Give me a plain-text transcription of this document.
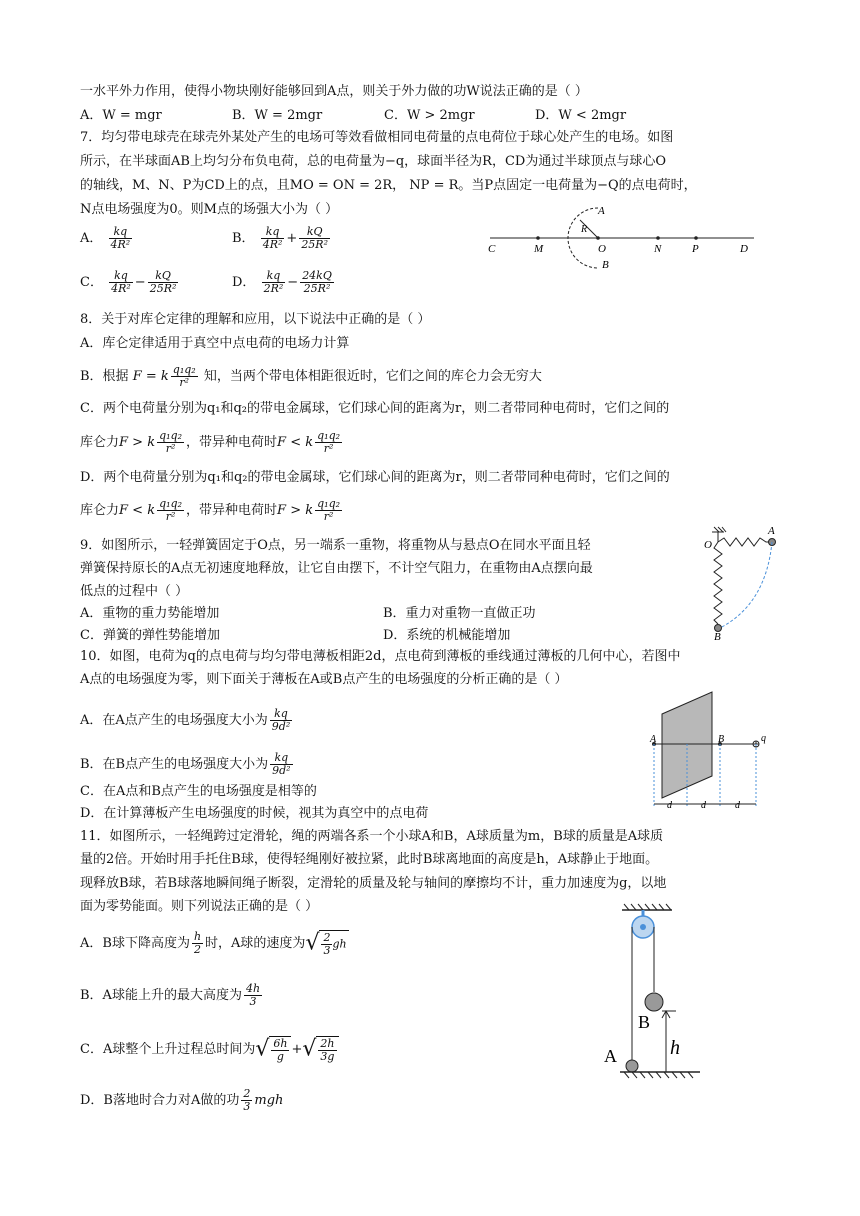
一水平外力作用，使得小物块刚好能够回到A点，则关于外力做的功W说法正确的是（ ）
A．W = mgr	B．W = 2mgr	C．W > 2mgr	D．W < 2mgr
7．均匀带电球壳在球壳外某处产生的电场可等效看做相同电荷量的点电荷位于球心处产生的电场。如图
所示，在半球面AB上均匀分布负电荷，总的电荷量为−q，球面半径为R，CD为通过半球顶点与球心O
的轴线，M、N、P为CD上的点，且MO = ON = 2R， NP = R。当P点固定一电荷量为−Q的点电荷时，
N点电场强度为0。则M点的场强大小为（ ）
A． $\frac{kq}{\text{4R²}}$	B． $\frac{kq}{\text{4R²}} + \frac{kQ}{\text{25R²}}$
C． $\frac{kq}{\text{4R²}} - \frac{kQ}{\text{25R²}}$	D． $\frac{kq}{\text{2R²}} - \frac{24kQ}{\text{25R²}}$
C	M	O	N	P	D
A
B
R
8．关于对库仑定律的理解和应用，以下说法中正确的是（ ）
A．库仑定律适用于真空中点电荷的电场力计算
B．根据 F = k $\frac{\text{q₁q₂}}{\text{r²}}$ 知，当两个带电体相距很近时，它们之间的库仑力会无穷大
C．两个电荷量分别为q₁和q₂的带电金属球，它们球心间的距离为r，则二者带同种电荷时，它们之间的
库仑力F > k $\frac{\text{q₁q₂}}{\text{r²}}$ ，带异种电荷时F < k $\frac{\text{q₁q₂}}{\text{r²}}$
D．两个电荷量分别为q₁和q₂的带电金属球，它们球心间的距离为r，则二者带同种电荷时，它们之间的
库仑力F < k $\frac{\text{q₁q₂}}{\text{r²}}$ ，带异种电荷时F > k $\frac{\text{q₁q₂}}{\text{r²}}$
9．如图所示，一轻弹簧固定于O点，另一端系一重物，将重物从与悬点O在同水平面且轻
弹簧保持原长的A点无初速度地释放，让它自由摆下，不计空气阻力，在重物由A点摆向最
低点的过程中（ ）
A．重物的重力势能增加	B．重力对重物一直做正功
C．弹簧的弹性势能增加	D．系统的机械能增加
O
A
B
10．如图，电荷为q的点电荷与均匀带电薄板相距2d，点电荷到薄板的垂线通过薄板的几何中心，若图中
A点的电场强度为零，则下面关于薄板在A或B点产生的电场强度的分析正确的是（ ）
A．在A点产生的电场强度大小为 $\frac{kq}{\text{9d²}}$
B．在B点产生的电场强度大小为 $\frac{kq}{\text{9d²}}$
C．在A点和B点产生的电场强度是相等的
D．在计算薄板产生电场强度的时候，视其为真空中的点电荷
A	B	q
d	d	d
11．如图所示，一轻绳跨过定滑轮，绳的两端各系一个小球A和B，A球质量为m，B球的质量是A球质
量的2倍。开始时用手托住B球，使得轻绳刚好被拉紧，此时B球离地面的高度是h，A球静止于地面。
现释放B球，若B球落地瞬间绳子断裂，定滑轮的质量及轮与轴间的摩擦均不计，重力加速度为g，以地
面为零势能面。则下列说法正确的是（ ）
A．B球下降高度为 $\frac{h}{2}$ 时，A球的速度为√ $\frac{2}{3}$ gh
B．A球能上升的最大高度为 $\frac{4h}{3}$
C．A球整个上升过程总时间为√ $\frac{6h}{g}$ +√ $\frac{2h}{3g}$
D．B落地时合力对A做的功 $\frac{2}{3}$ mgh
B
A	h
